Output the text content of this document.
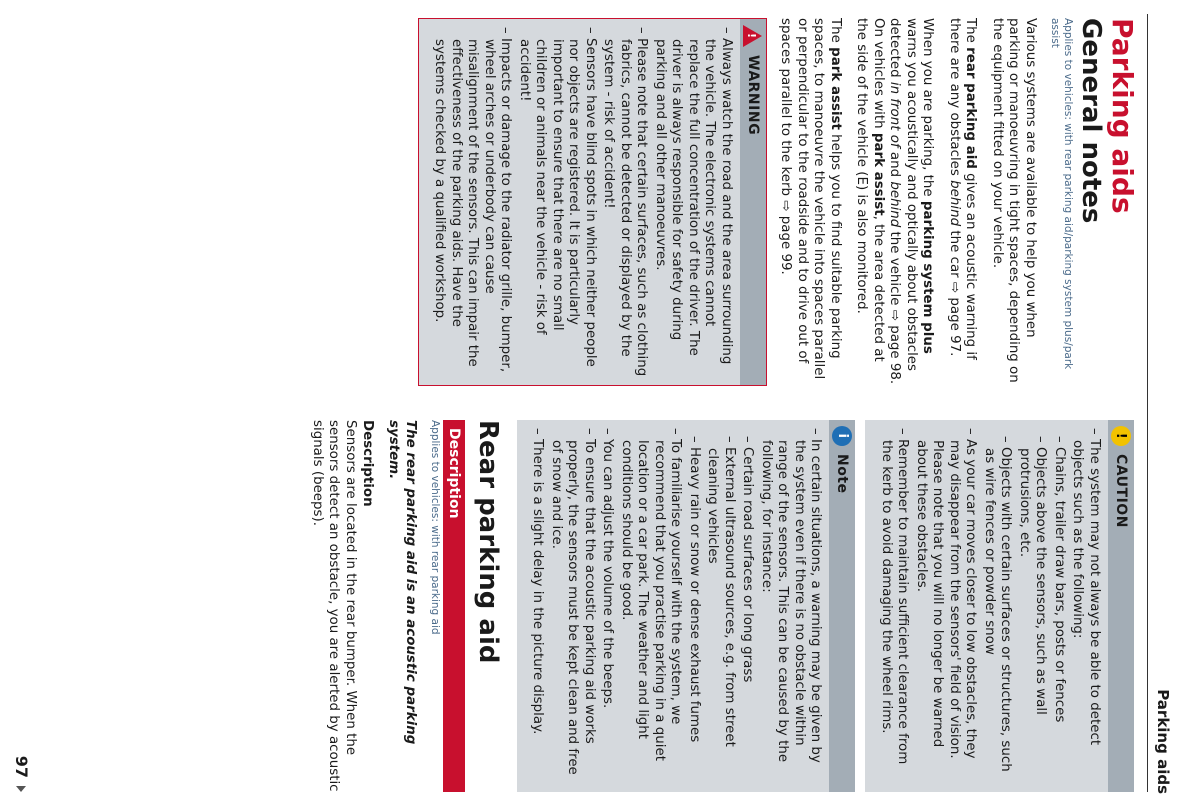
Parking aids
Parking aids
General notes
Applies to vehicles: with rear parking aid/parking system plus/park assist

Various systems are available to help you when parking or manoeuvring in tight spaces, depending on the equipment fitted on your vehicle.

The rear parking aid gives an acoustic warning if there are any obstacles behind the car ⇨ page 97.

When you are parking, the parking system plus warns you acoustically and optically about obstacles detected in front of and behind the vehicle ⇨ page 98. On vehicles with park assist, the area detected at the side of the vehicle (E) is also monitored.

The park assist helps you to find suitable parking spaces, to manoeuvre the vehicle into spaces parallel or perpendicular to the roadside and to drive out of spaces parallel to the kerb ⇨ page 99.

!
WARNING
– Always watch the road and the area surrounding the vehicle. The electronic systems cannot replace the full concentration of the driver. The driver is always responsible for safety during parking and all other manoeuvres.
– Please note that certain surfaces, such as clothing fabrics, cannot be detected or displayed by the system - risk of accident!
– Sensors have blind spots in which neither people nor objects are registered. It is particularly important to ensure that there are no small children or animals near the vehicle - risk of accident!
– Impacts or damage to the radiator grille, bumper, wheel arches or underbody can cause misalignment of the sensors. This can impair the effectiveness of the parking aids. Have the systems checked by a qualified workshop.
!
CAUTION
– The system may not always be able to detect objects such as the following:
– Chains, trailer draw bars, posts or fences
– Objects above the sensors, such as wall protrusions, etc.
– Objects with certain surfaces or structures, such as wire fences or powder snow
– As your car moves closer to low obstacles, they may disappear from the sensors' field of vision. Please note that you will no longer be warned about these obstacles.
– Remember to maintain sufficient clearance from the kerb to avoid damaging the wheel rims.
i
Note
– In certain situations, a warning may be given by the system even if there is no obstacle within range of the sensors. This can be caused by the following, for instance:
– Certain road surfaces or long grass
– External ultrasound sources, e.g. from street cleaning vehicles
– Heavy rain or snow or dense exhaust fumes
– To familiarise yourself with the system, we recommend that you practise parking in a quiet location or a car park. The weather and light conditions should be good.
– You can adjust the volume of the beeps.
– To ensure that the acoustic parking aid works properly, the sensors must be kept clean and free of snow and ice.
– There is a slight delay in the picture display.
Rear parking aid
Description
Applies to vehicles: with rear parking aid
The rear parking aid is an acoustic parking system.
Description

Sensors are located in the rear bumper. When the sensors detect an obstacle, you are alerted by acoustic signals (beeps).

97
